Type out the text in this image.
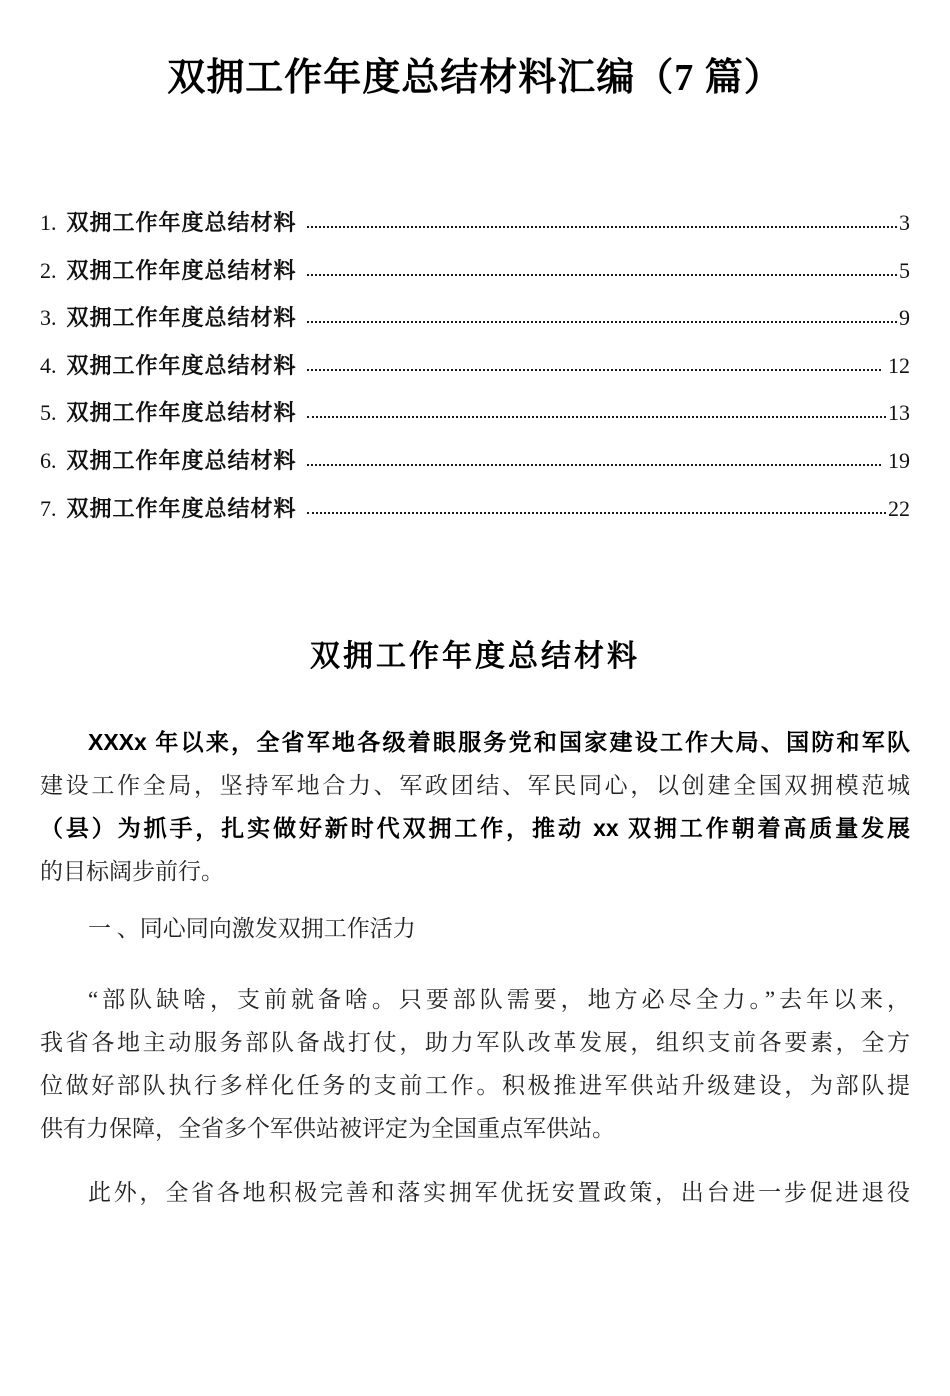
双拥工作年度总结材料汇编（7 篇）
1. 双拥工作年度总结材料	3
2. 双拥工作年度总结材料	5
3. 双拥工作年度总结材料	9
4. 双拥工作年度总结材料	12
5. 双拥工作年度总结材料	13
6. 双拥工作年度总结材料	19
7. 双拥工作年度总结材料	22
双拥工作年度总结材料
XXXx 年以来，全省军地各级着眼服务党和国家建设工作大局、国防和军队
建设工作全局，坚持军地合力、军政团结、军民同心，以创建全国双拥模范城
（县）为抓手，扎实做好新时代双拥工作，推动 xx 双拥工作朝着高质量发展
的目标阔步前行。
一 、同心同向激发双拥工作活力
“部队缺啥，支前就备啥。只要部队需要，地方必尽全力。”去年以来，
我省各地主动服务部队备战打仗，助力军队改革发展，组织支前各要素，全方
位做好部队执行多样化任务的支前工作。积极推进军供站升级建设，为部队提
供有力保障，全省多个军供站被评定为全国重点军供站。
此外，全省各地积极完善和落实拥军优抚安置政策，出台进一步促进退役
